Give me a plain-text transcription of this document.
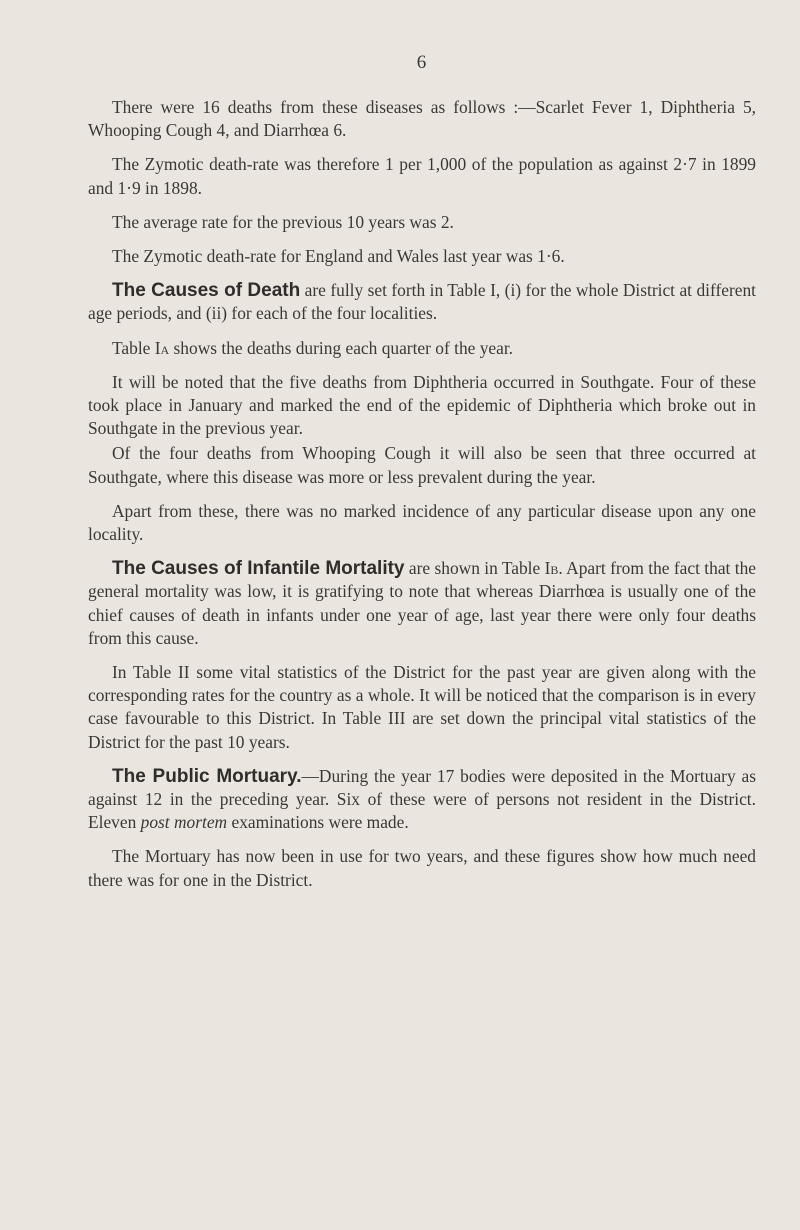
6

There were 16 deaths from these diseases as follows :—Scarlet Fever 1, Diphtheria 5, Whooping Cough 4, and Diarrhœa 6.

The Zymotic death-rate was therefore 1 per 1,000 of the population as against 2·7 in 1899 and 1·9 in 1898.

The average rate for the previous 10 years was 2.

The Zymotic death-rate for England and Wales last year was 1·6.

The Causes of Death are fully set forth in Table I, (i) for the whole District at different age periods, and (ii) for each of the four localities.

Table Ia shows the deaths during each quarter of the year.

It will be noted that the five deaths from Diphtheria occurred in Southgate. Four of these took place in January and marked the end of the epidemic of Diphtheria which broke out in Southgate in the previous year.

Of the four deaths from Whooping Cough it will also be seen that three occurred at Southgate, where this disease was more or less prevalent during the year.

Apart from these, there was no marked incidence of any particular disease upon any one locality.

The Causes of Infantile Mortality are shown in Table Ib. Apart from the fact that the general mortality was low, it is gratifying to note that whereas Diarrhœa is usually one of the chief causes of death in infants under one year of age, last year there were only four deaths from this cause.

In Table II some vital statistics of the District for the past year are given along with the corresponding rates for the country as a whole. It will be noticed that the comparison is in every case favourable to this District. In Table III are set down the principal vital statistics of the District for the past 10 years.

The Public Mortuary.—During the year 17 bodies were deposited in the Mortuary as against 12 in the preceding year. Six of these were of persons not resident in the District. Eleven post mortem examinations were made.

The Mortuary has now been in use for two years, and these figures show how much need there was for one in the District.
